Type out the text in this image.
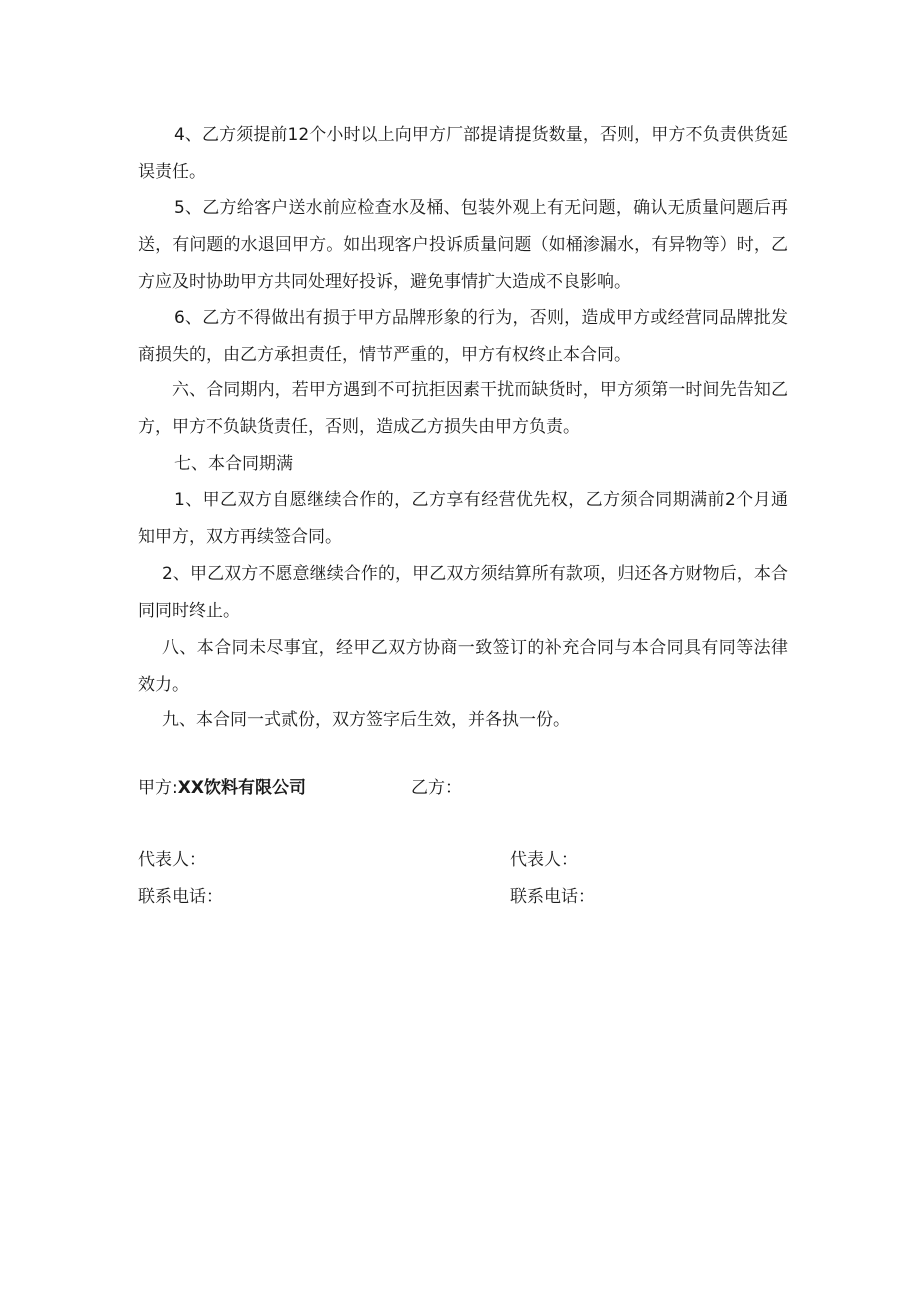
4、乙方须提前12个小时以上向甲方厂部提请提货数量，否则，甲方不负责供货延误责任。

5、乙方给客户送水前应检查水及桶、包装外观上有无问题，确认无质量问题后再送，有问题的水退回甲方。如出现客户投诉质量问题（如桶渗漏水，有异物等）时，乙方应及时协助甲方共同处理好投诉，避免事情扩大造成不良影响。

6、乙方不得做出有损于甲方品牌形象的行为，否则，造成甲方或经营同品牌批发商损失的，由乙方承担责任，情节严重的，甲方有权终止本合同。

六、合同期内，若甲方遇到不可抗拒因素干扰而缺货时，甲方须第一时间先告知乙方，甲方不负缺货责任，否则，造成乙方损失由甲方负责。

七、本合同期满

1、甲乙双方自愿继续合作的，乙方享有经营优先权，乙方须合同期满前2个月通知甲方，双方再续签合同。

2、甲乙双方不愿意继续合作的，甲乙双方须结算所有款项，归还各方财物后，本合同同时终止。

八、本合同未尽事宜，经甲乙双方协商一致签订的补充合同与本合同具有同等法律效力。

九、本合同一式贰份，双方签字后生效，并各执一份。

甲方:XX饮料有限公司	乙方：
代表人：
联系电话：
代表人：
联系电话：
